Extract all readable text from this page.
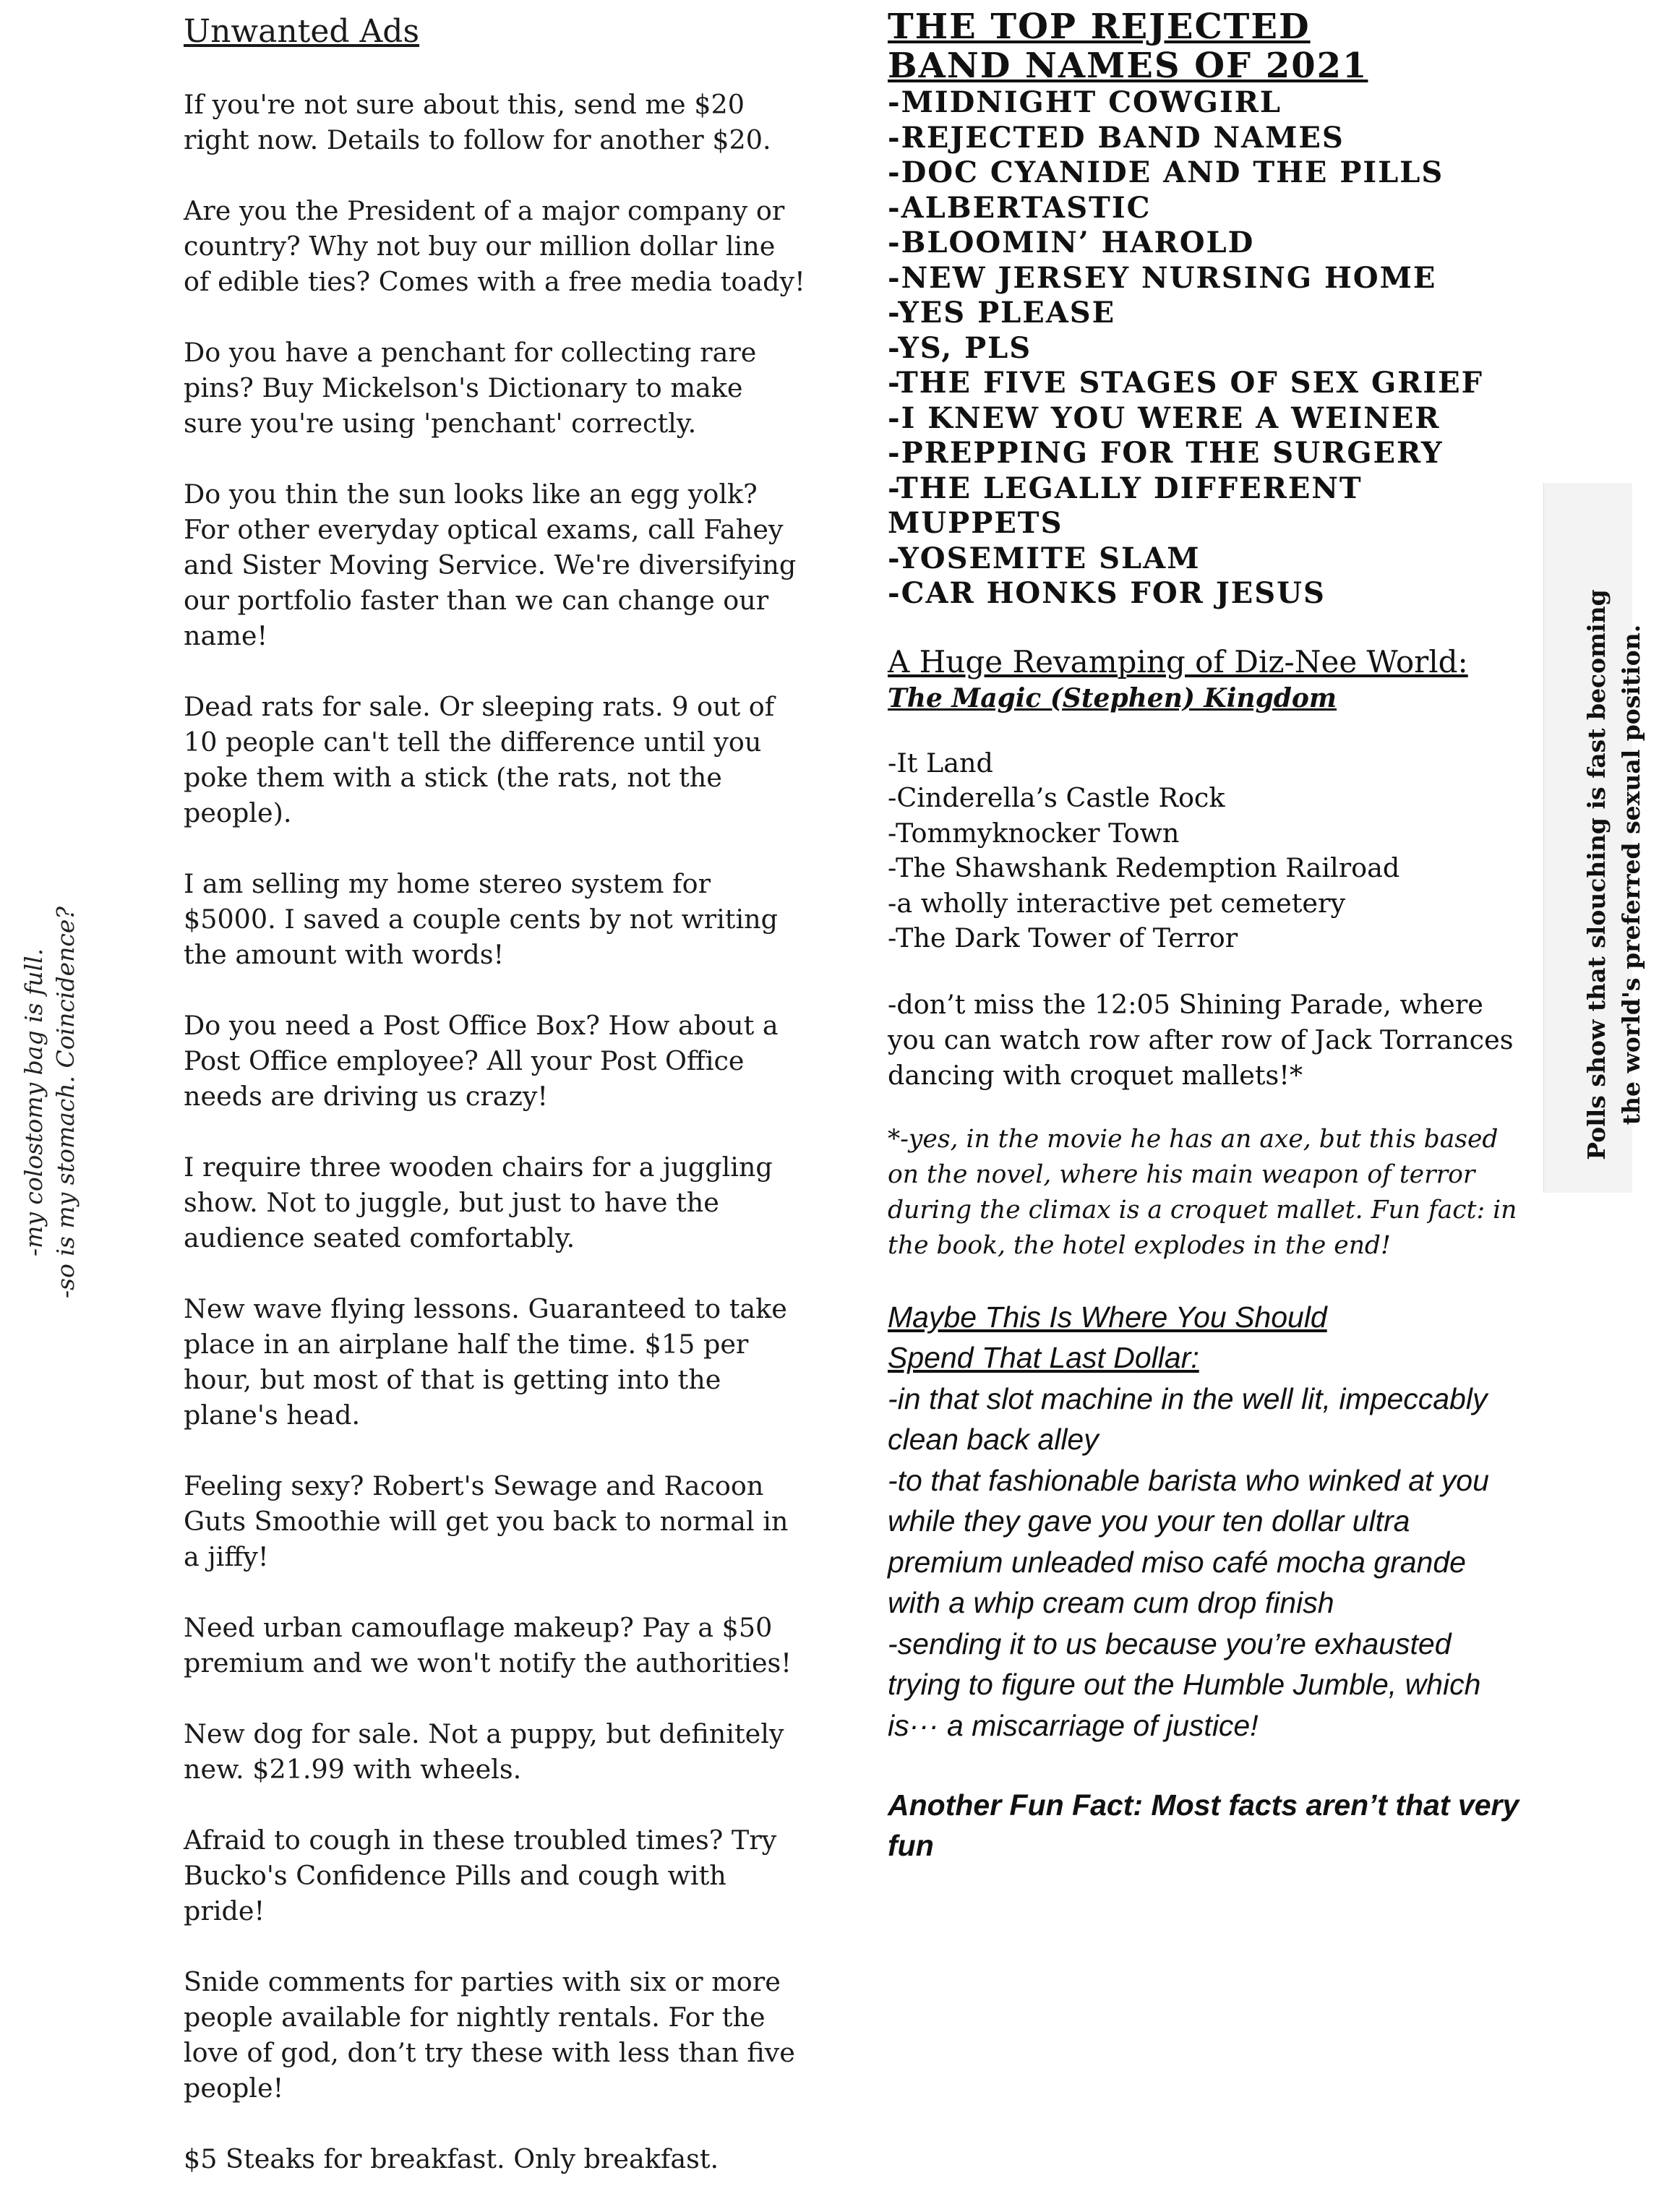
Unwanted Ads
If you're not sure about this, send me $20 right now. Details to follow for another $20.
Are you the President of a major company or country? Why not buy our million dollar line of edible ties? Comes with a free media toady!
Do you have a penchant for collecting rare pins? Buy Mickelson's Dictionary to make sure you're using 'penchant' correctly.
Do you thin the sun looks like an egg yolk? For other everyday optical exams, call Fahey and Sister Moving Service. We're diversifying our portfolio faster than we can change our name!
Dead rats for sale. Or sleeping rats. 9 out of 10 people can't tell the difference until you poke them with a stick (the rats, not the people).
I am selling my home stereo system for $5000. I saved a couple cents by not writing the amount with words!
Do you need a Post Office Box? How about a Post Office employee? All your Post Office needs are driving us crazy!
I require three wooden chairs for a juggling show. Not to juggle, but just to have the audience seated comfortably.
New wave flying lessons. Guaranteed to take place in an airplane half the time. $15 per hour, but most of that is getting into the plane's head.
Feeling sexy? Robert's Sewage and Racoon Guts Smoothie will get you back to normal in a jiffy!
Need urban camouflage makeup? Pay a $50 premium and we won't notify the authorities!
New dog for sale. Not a puppy, but definitely new. $21.99 with wheels.
Afraid to cough in these troubled times? Try Bucko's Confidence Pills and cough with pride!
Snide comments for parties with six or more people available for nightly rentals. For the love of god, don’t try these with less than five people!
$5 Steaks for breakfast. Only breakfast.
THE TOP REJECTED
BAND NAMES OF 2021
-MIDNIGHT COWGIRL
-REJECTED BAND NAMES
-DOC CYANIDE AND THE PILLS
-ALBERTASTIC
-BLOOMIN’ HAROLD
-NEW JERSEY NURSING HOME
-YES PLEASE
-YS, PLS
-THE FIVE STAGES OF SEX GRIEF
-I KNEW YOU WERE A WEINER
-PREPPING FOR THE SURGERY
-THE LEGALLY DIFFERENT MUPPETS
-YOSEMITE SLAM
-CAR HONKS FOR JESUS
A Huge Revamping of Diz-Nee World:
The Magic (Stephen) Kingdom
-It Land
-Cinderella’s Castle Rock
-Tommyknocker Town
-The Shawshank Redemption Railroad
-a wholly interactive pet cemetery
-The Dark Tower of Terror
-don’t miss the 12:05 Shining Parade, where you can watch row after row of Jack Torrances dancing with croquet mallets!*
*-yes, in the movie he has an axe, but this based on the novel, where his main weapon of terror during the climax is a croquet mallet. Fun fact: in the book, the hotel explodes in the end!
Maybe This Is Where You Should
Spend That Last Dollar:
-in that slot machine in the well lit, impeccably clean back alley
-to that fashionable barista who winked at you while they gave you your ten dollar ultra premium unleaded miso café mocha grande with a whip cream cum drop finish
-sending it to us because you’re exhausted trying to figure out the Humble Jumble, which is··· a miscarriage of justice!
Another Fun Fact: Most facts aren’t that very fun
-my colostomy bag is full. -so is my stomach. Coincidence?	Polls show that slouching is fast becoming the world's preferred sexual position.
